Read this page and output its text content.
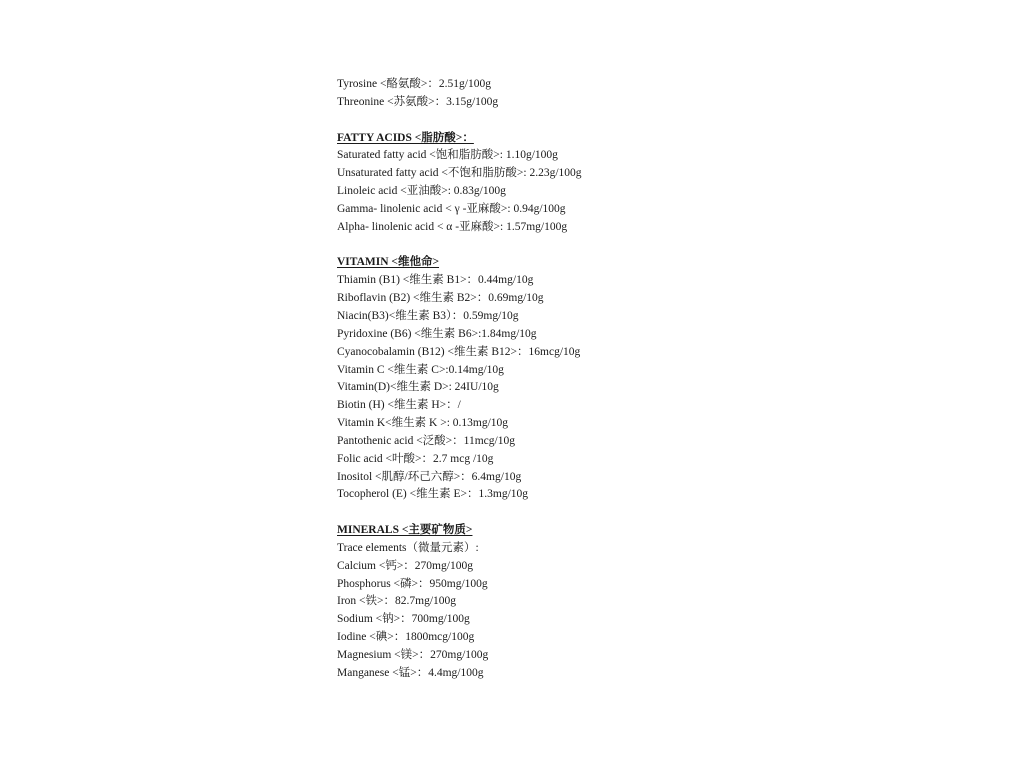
Tyrosine <酪氨酸>：2.51g/100g
Threonine <苏氨酸>：3.15g/100g
FATTY ACIDS <脂肪酸>：
Saturated fatty acid <饱和脂肪酸>: 1.10g/100g
Unsaturated fatty acid <不饱和脂肪酸>: 2.23g/100g
Linoleic acid <亚油酸>: 0.83g/100g
Gamma- linolenic acid < γ -亚麻酸>: 0.94g/100g
Alpha- linolenic acid < α -亚麻酸>: 1.57mg/100g
VITAMIN <维他命>
Thiamin (B1) <维生素 B1>：0.44mg/10g
Riboflavin (B2) <维生素 B2>：0.69mg/10g
Niacin(B3)<维生素 B3）：0.59mg/10g
Pyridoxine (B6) <维生素 B6>:1.84mg/10g
Cyanocobalamin (B12) <维生素 B12>：16mcg/10g
Vitamin C <维生素 C>:0.14mg/10g
Vitamin(D)<维生素 D>: 24IU/10g
Biotin (H) <维生素 H>：/
Vitamin K<维生素 K >: 0.13mg/10g
Pantothenic acid <泛酸>：11mcg/10g
Folic acid <叶酸>：2.7 mcg /10g
Inositol <肌醇/环己六醇>：6.4mg/10g
Tocopherol (E) <维生素 E>：1.3mg/10g
MINERALS <主要矿物质>
Trace elements（微量元素）:
Calcium <钙>：270mg/100g
Phosphorus <磷>：950mg/100g
Iron <铁>：82.7mg/100g
Sodium <钠>：700mg/100g
Iodine <碘>：1800mcg/100g
Magnesium <镁>：270mg/100g
Manganese <锰>：4.4mg/100g
